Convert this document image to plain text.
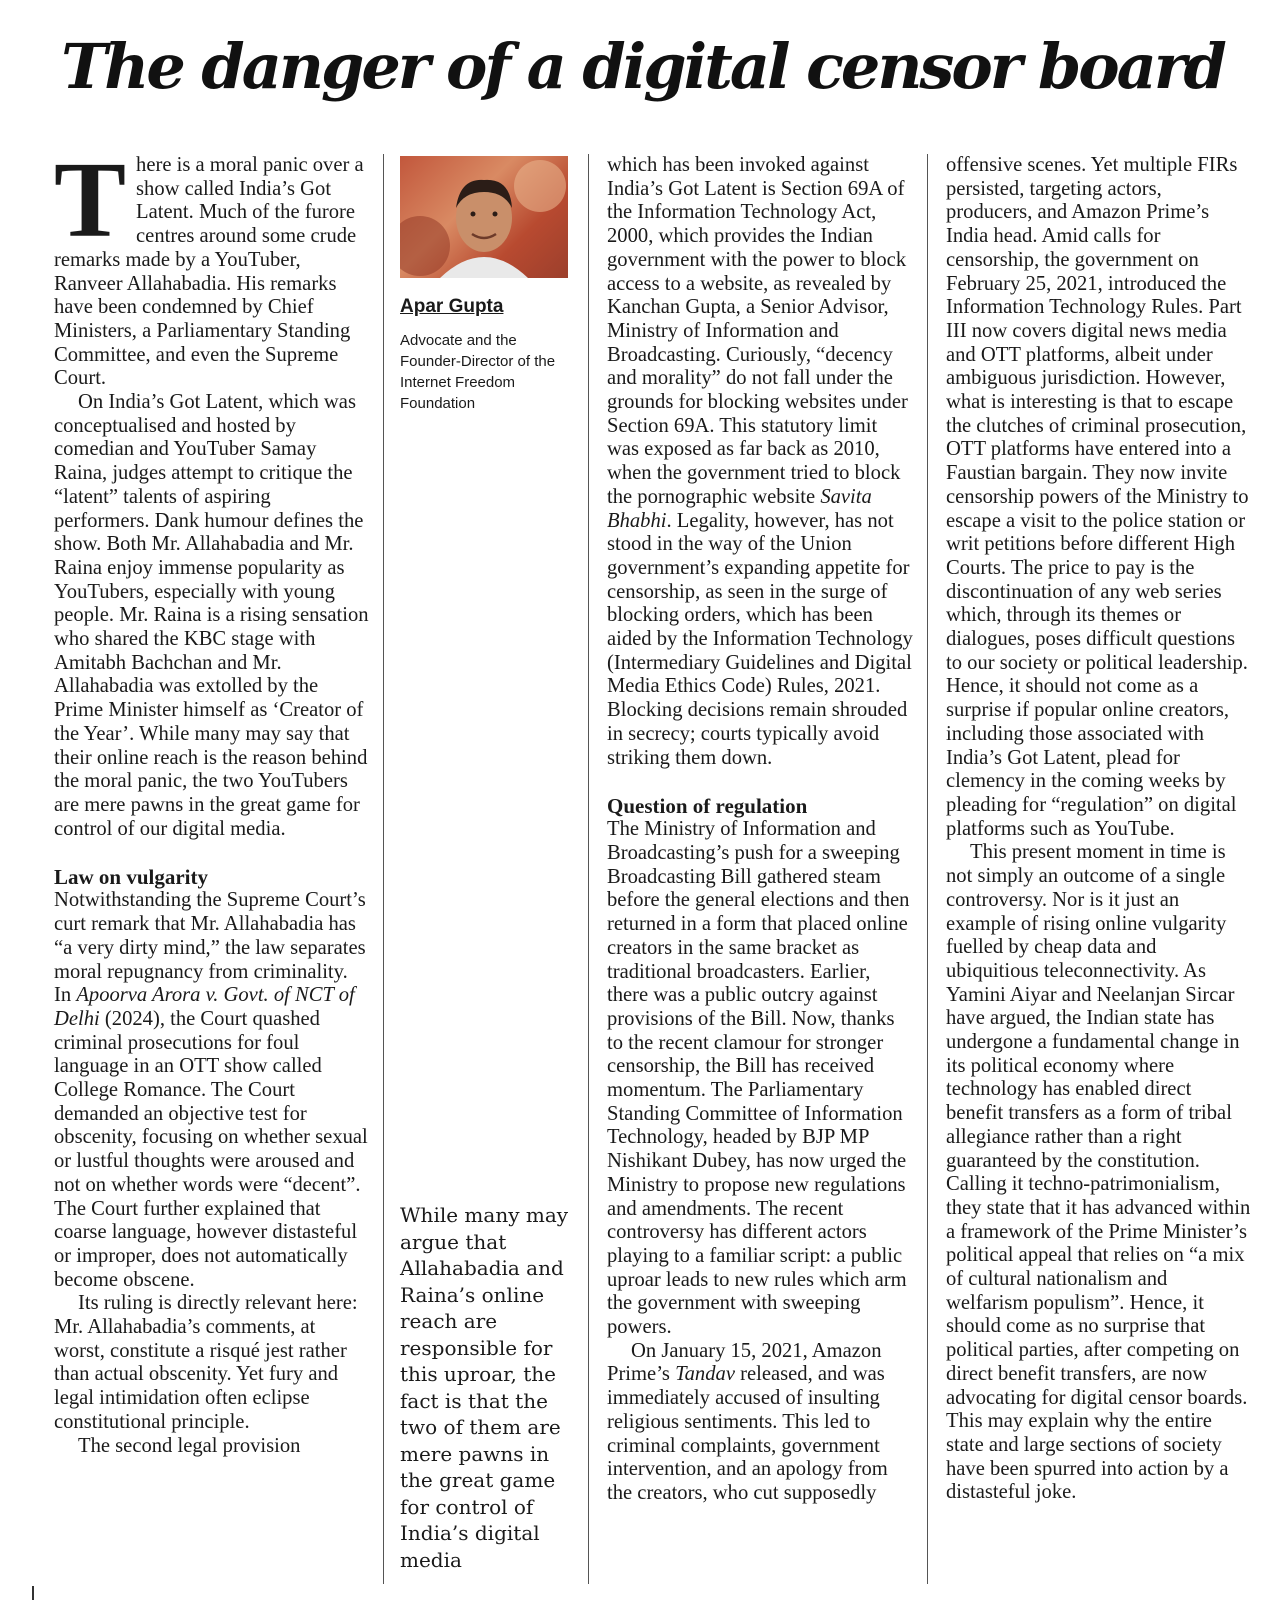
The danger of a digital censor board

There is a moral panic over a show called India’s Got Latent. Much of the furore centres around some crude remarks made by a YouTuber, Ranveer Allahabadia. His remarks have been condemned by Chief Ministers, a Parliamentary Standing Committee, and even the Supreme Court.

On India’s Got Latent, which was conceptualised and hosted by comedian and YouTuber Samay Raina, judges attempt to critique the “latent” talents of aspiring performers. Dank humour defines the show. Both Mr. Allahabadia and Mr. Raina enjoy immense popularity as YouTubers, especially with young people. Mr. Raina is a rising sensation who shared the KBC stage with Amitabh Bachchan and Mr. Allahabadia was extolled by the Prime Minister himself as ‘Creator of the Year’. While many may say that their online reach is the reason behind the moral panic, the two YouTubers are mere pawns in the great game for control of our digital media.

Law on vulgarity

Notwithstanding the Supreme Court’s curt remark that Mr. Allahabadia has “a very dirty mind,” the law separates moral repugnancy from criminality. In Apoorva Arora v. Govt. of NCT of Delhi (2024), the Court quashed criminal prosecutions for foul language in an OTT show called College Romance. The Court demanded an objective test for obscenity, focusing on whether sexual or lustful thoughts were aroused and not on whether words were “decent”. The Court further explained that coarse language, however distasteful or improper, does not automatically become obscene.

Its ruling is directly relevant here: Mr. Allahabadia’s comments, at worst, constitute a risqué jest rather than actual obscenity. Yet fury and legal intimidation often eclipse constitutional principle.

The second legal provision

Apar Gupta
Advocate and the Founder-Director of the Internet Freedom Foundation
While many may argue that Allahabadia and Raina’s online reach are responsible for this uproar, the fact is that the two of them are mere pawns in the great game for control of India’s digital media

which has been invoked against India’s Got Latent is Section 69A of the Information Technology Act, 2000, which provides the Indian government with the power to block access to a website, as revealed by Kanchan Gupta, a Senior Advisor, Ministry of Information and Broadcasting. Curiously, “decency and morality” do not fall under the grounds for blocking websites under Section 69A. This statutory limit was exposed as far back as 2010, when the government tried to block the pornographic website Savita Bhabhi. Legality, however, has not stood in the way of the Union government’s expanding appetite for censorship, as seen in the surge of blocking orders, which has been aided by the Information Technology (Intermediary Guidelines and Digital Media Ethics Code) Rules, 2021. Blocking decisions remain shrouded in secrecy; courts typically avoid striking them down.

Question of regulation

The Ministry of Information and Broadcasting’s push for a sweeping Broadcasting Bill gathered steam before the general elections and then returned in a form that placed online creators in the same bracket as traditional broadcasters. Earlier, there was a public outcry against provisions of the Bill. Now, thanks to the recent clamour for stronger censorship, the Bill has received momentum. The Parliamentary Standing Committee of Information Technology, headed by BJP MP Nishikant Dubey, has now urged the Ministry to propose new regulations and amendments. The recent controversy has different actors playing to a familiar script: a public uproar leads to new rules which arm the government with sweeping powers.

On January 15, 2021, Amazon Prime’s Tandav released, and was immediately accused of insulting religious sentiments. This led to criminal complaints, government intervention, and an apology from the creators, who cut supposedly

offensive scenes. Yet multiple FIRs persisted, targeting actors, producers, and Amazon Prime’s India head. Amid calls for censorship, the government on February 25, 2021, introduced the Information Technology Rules. Part III now covers digital news media and OTT platforms, albeit under ambiguous jurisdiction. However, what is interesting is that to escape the clutches of criminal prosecution, OTT platforms have entered into a Faustian bargain. They now invite censorship powers of the Ministry to escape a visit to the police station or writ petitions before different High Courts. The price to pay is the discontinuation of any web series which, through its themes or dialogues, poses difficult questions to our society or political leadership. Hence, it should not come as a surprise if popular online creators, including those associated with India’s Got Latent, plead for clemency in the coming weeks by pleading for “regulation” on digital platforms such as YouTube.

This present moment in time is not simply an outcome of a single controversy. Nor is it just an example of rising online vulgarity fuelled by cheap data and ubiquitious teleconnectivity. As Yamini Aiyar and Neelanjan Sircar have argued, the Indian state has undergone a fundamental change in its political economy where technology has enabled direct benefit transfers as a form of tribal allegiance rather than a right guaranteed by the constitution. Calling it techno-patrimonialism, they state that it has advanced within a framework of the Prime Minister’s political appeal that relies on “a mix of cultural nationalism and welfarism populism”. Hence, it should come as no surprise that political parties, after competing on direct benefit transfers, are now advocating for digital censor boards. This may explain why the entire state and large sections of society have been spurred into action by a distasteful joke.
